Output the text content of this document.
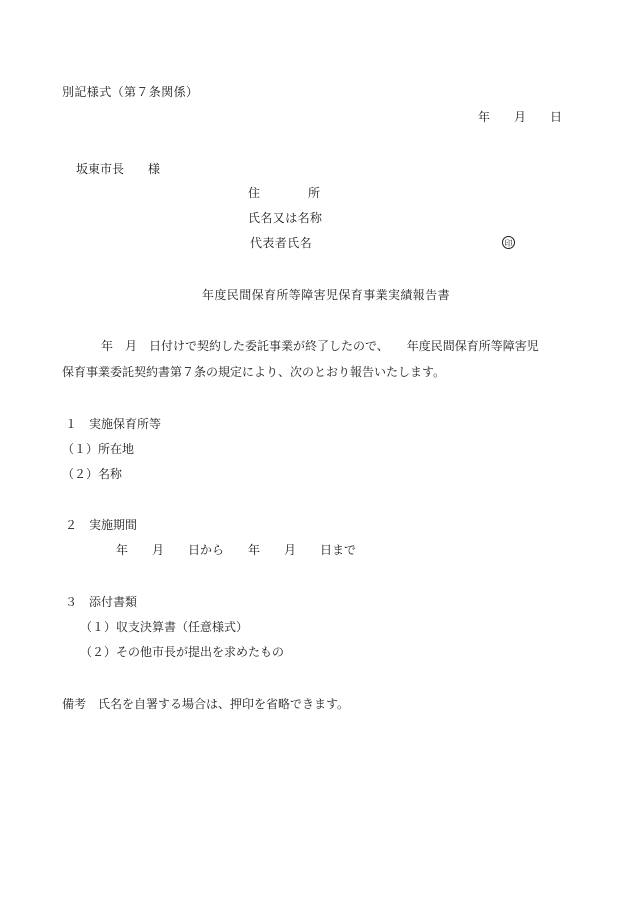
別記様式（第７条関係）

年　　月　　日

坂東市長　　様

住　　　　所

氏名又は名称

代表者氏名	印

年度民間保育所等障害児保育事業実績報告書

年　月　日付けで契約した委託事業が終了したので、　　年度民間保育所等障害児

保育事業委託契約書第７条の規定により、次のとおり報告いたします。

１　実施保育所等

（１）所在地

（２）名称

２　実施期間

年　　月　　日から　　年　　月　　日まで

３　添付書類

（１）収支決算書（任意様式）

（２）その他市長が提出を求めたもの

備考　氏名を自署する場合は、押印を省略できます。
